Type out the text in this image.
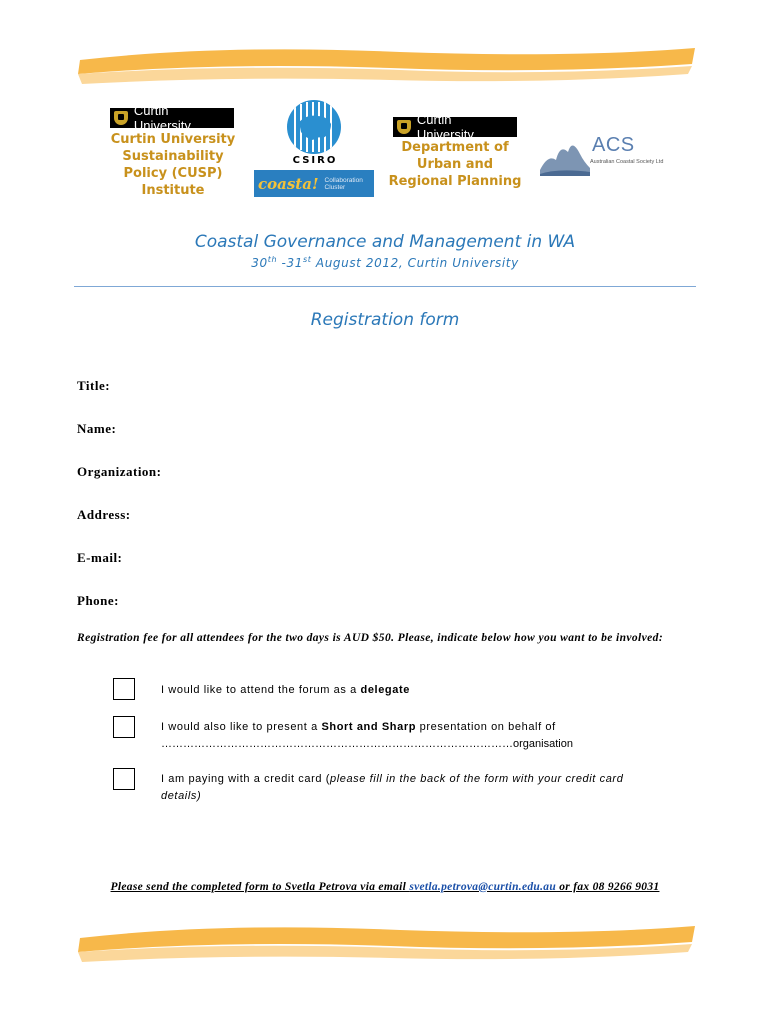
Curtin University
Curtin University
Sustainability
Policy (CUSP)
Institute
CSIRO
coasta! Collaboration Cluster
Curtin University
Department of
Urban and
Regional Planning
ACS
Australian Coastal Society Ltd
Coastal Governance and Management in WA
30th -31st August 2012, Curtin University
Registration form
Title:
Name:
Organization:
Address:
E-mail:
Phone:
Registration fee for all attendees for the two days is AUD $50. Please, indicate below how you want to be involved:
I would like to attend the forum as a delegate
I would also like to present a Short and Sharp presentation on behalf of
……………………………………………………………………………………organisation
I am paying with a credit card (please fill in the back of the form with your credit card details)
Please send the completed form to Svetla Petrova via email svetla.petrova@curtin.edu.au or fax 08 9266 9031
